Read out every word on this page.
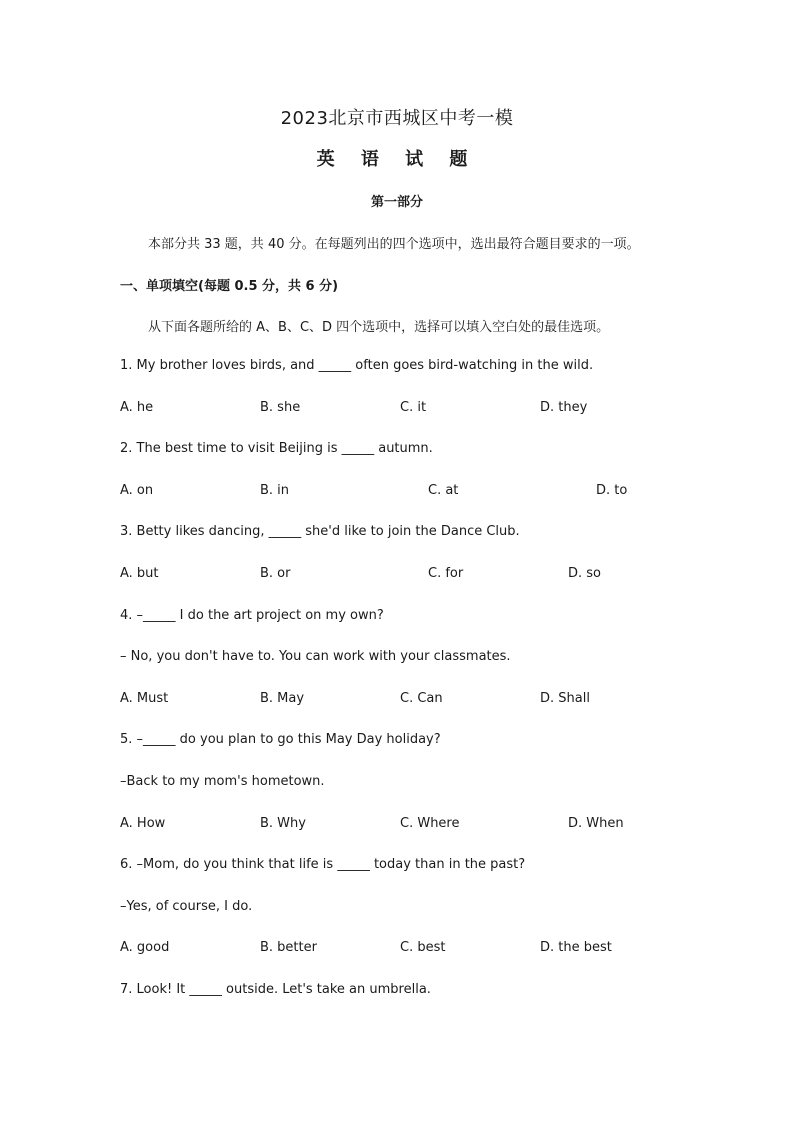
2023北京市西城区中考一模
英 语 试 题
第一部分
本部分共 33 题，共 40 分。在每题列出的四个选项中，选出最符合题目要求的一项。
一、单项填空(每题 0.5 分，共 6 分)
从下面各题所给的 A、B、C、D 四个选项中，选择可以填入空白处的最佳选项。
1. My brother loves birds, and _____ often goes bird-watching in the wild.
A. he	B. she	C. it	D. they
2. The best time to visit Beijing is _____ autumn.
A. on	B. in	C. at	D. to
3. Betty likes dancing, _____ she'd like to join the Dance Club.
A. but	B. or	C. for	D. so
4. –_____ I do the art project on my own?
– No, you don't have to. You can work with your classmates.
A. Must	B. May	C. Can	D. Shall
5. –_____ do you plan to go this May Day holiday?
–Back to my mom's hometown.
A. How	B. Why	C. Where	D. When
6. –Mom, do you think that life is _____ today than in the past?
–Yes, of course, I do.
A. good	B. better	C. best	D. the best
7. Look! It _____ outside. Let's take an umbrella.
